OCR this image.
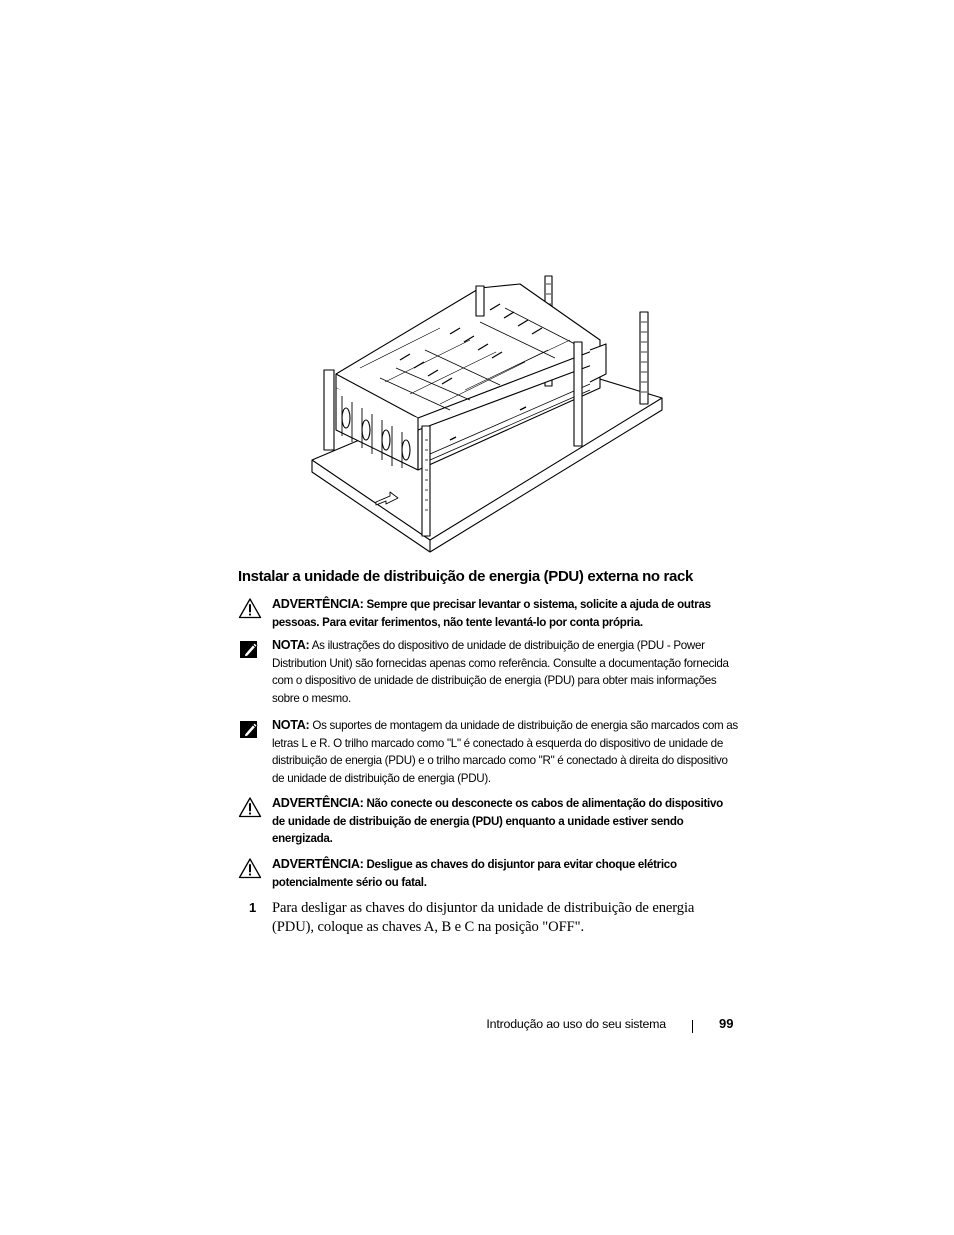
Instalar a unidade de distribuição de energia (PDU) externa no rack
ADVERTÊNCIA: Sempre que precisar levantar o sistema, solicite a ajuda de outras pessoas. Para evitar ferimentos, não tente levantá-lo por conta própria.
NOTA: As ilustrações do dispositivo de unidade de distribuição de energia (PDU - Power Distribution Unit) são fornecidas apenas como referência. Consulte a documentação fornecida com o dispositivo de unidade de distribuição de energia (PDU) para obter mais informações sobre o mesmo.
NOTA: Os suportes de montagem da unidade de distribuição de energia são marcados com as letras L e R. O trilho marcado como "L" é conectado à esquerda do dispositivo de unidade de distribuição de energia (PDU) e o trilho marcado como "R" é conectado à direita do dispositivo de unidade de distribuição de energia (PDU).
ADVERTÊNCIA: Não conecte ou desconecte os cabos de alimentação do dispositivo de unidade de distribuição de energia (PDU) enquanto a unidade estiver sendo energizada.
ADVERTÊNCIA: Desligue as chaves do disjuntor para evitar choque elétrico potencialmente sério ou fatal.
1 Para desligar as chaves do disjuntor da unidade de distribuição de energia (PDU), coloque as chaves A, B e C na posição "OFF".
Introdução ao uso do seu sistema	99
